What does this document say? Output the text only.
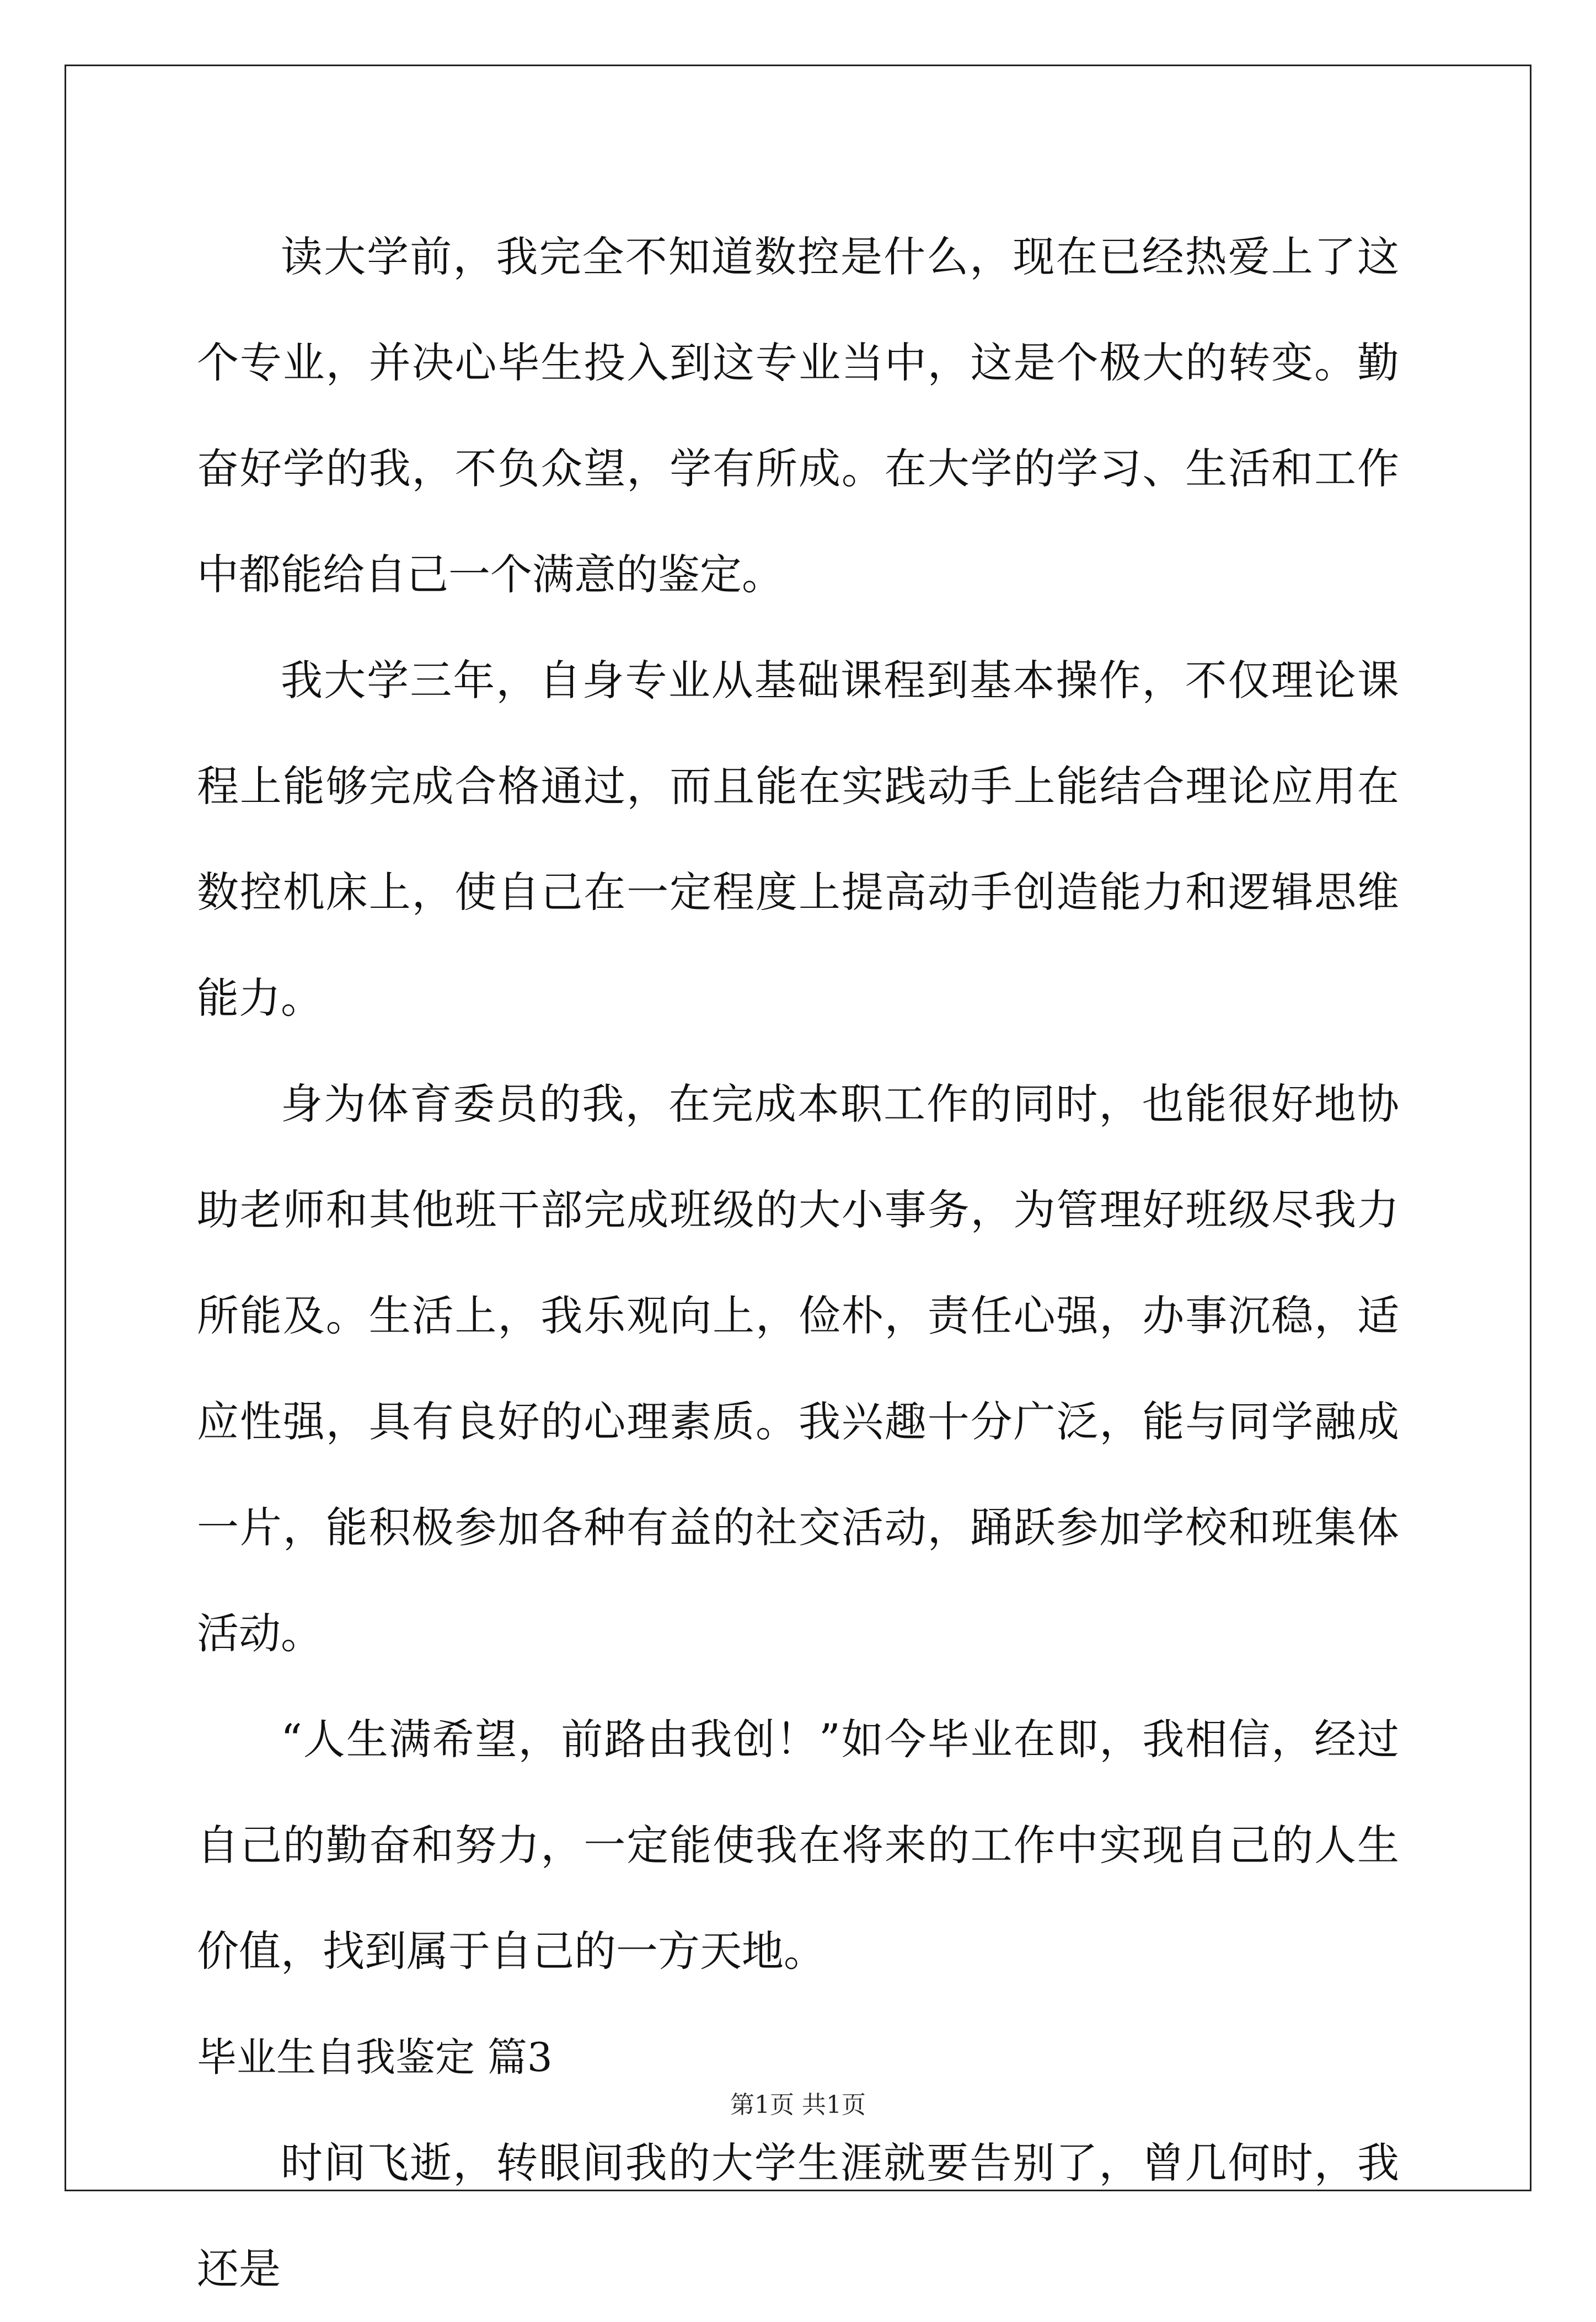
读大学前，我完全不知道数控是什么，现在已经热爱上了这个专业，并决心毕生投入到这专业当中，这是个极大的转变。勤奋好学的我，不负众望，学有所成。在大学的学习、生活和工作中都能给自己一个满意的鉴定。

我大学三年，自身专业从基础课程到基本操作，不仅理论课程上能够完成合格通过，而且能在实践动手上能结合理论应用在数控机床上，使自己在一定程度上提高动手创造能力和逻辑思维能力。

身为体育委员的我，在完成本职工作的同时，也能很好地协助老师和其他班干部完成班级的大小事务，为管理好班级尽我力所能及。生活上，我乐观向上，俭朴，责任心强，办事沉稳，适应性强，具有良好的心理素质。我兴趣十分广泛，能与同学融成一片，能积极参加各种有益的社交活动，踊跃参加学校和班集体活动。

“人生满希望，前路由我创！”如今毕业在即，我相信，经过自己的勤奋和努力，一定能使我在将来的工作中实现自己的人生价值，找到属于自己的一方天地。

毕业生自我鉴定 篇3

时间飞逝，转眼间我的大学生涯就要告别了，曾几何时，我还是

第1页 共1页
